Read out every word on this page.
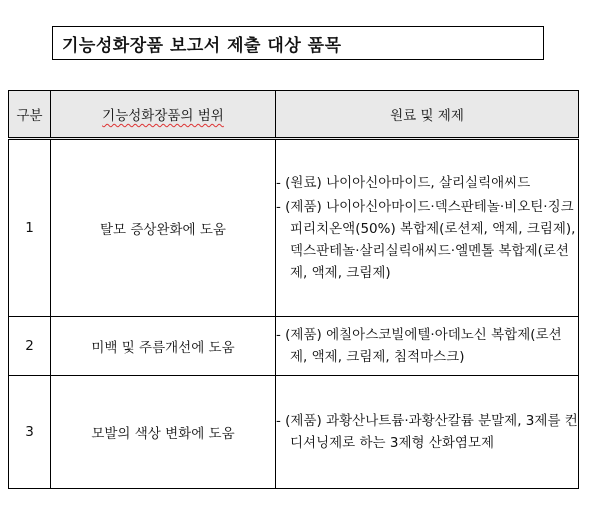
기능성화장품 보고서 제출 대상 품목
구분	기능성화장품의 범위	원료 및 제제
1	탈모 증상완화에 도움	- (원료) 나이아신아마이드, 살리실릭애씨드
- (제품) 나이아신아마이드·덱스판테놀·비오틴·징크피리치온액(50%) 복합제(로션제, 액제, 크림제), 덱스판테놀·살리실릭애씨드·엘멘톨 복합제(로션제, 액제, 크림제)

2	미백 및 주름개선에 도움	- (제품) 에칠아스코빌에텔·아데노신 복합제(로션제, 액제, 크림제, 침적마스크)

3	모발의 색상 변화에 도움	- (제품) 과황산나트륨·과황산칼륨 분말제, 3제를 컨디셔닝제로 하는 3제형 산화염모제
